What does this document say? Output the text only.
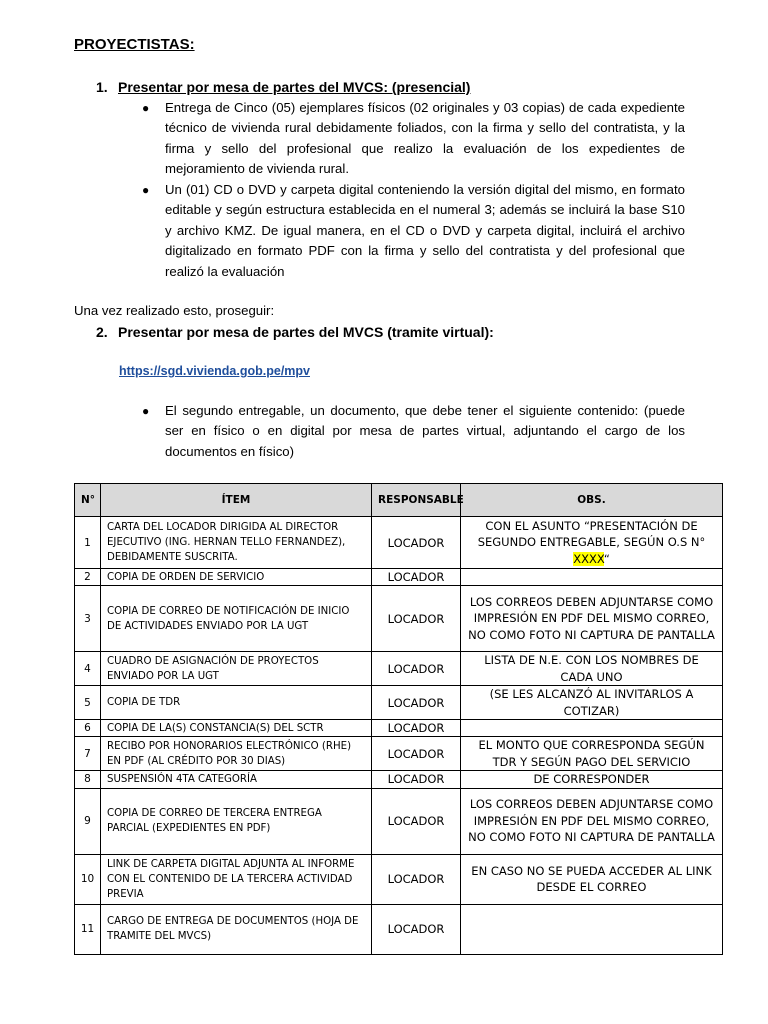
PROYECTISTAS:
1. Presentar por mesa de partes del MVCS: (presencial)
● Entrega de Cinco (05) ejemplares físicos (02 originales y 03 copias) de cada expediente técnico de vivienda rural debidamente foliados, con la firma y sello del contratista, y la firma y sello del profesional que realizo la evaluación de los expedientes de mejoramiento de vivienda rural.
● Un (01) CD o DVD y carpeta digital conteniendo la versión digital del mismo, en formato editable y según estructura establecida en el numeral 3; además se incluirá la base S10 y archivo KMZ. De igual manera, en el CD o DVD y carpeta digital, incluirá el archivo digitalizado en formato PDF con la firma y sello del contratista y del profesional que realizó la evaluación
Una vez realizado esto, proseguir:
2. Presentar por mesa de partes del MVCS (tramite virtual):
https://sgd.vivienda.gob.pe/mpv
● El segundo entregable, un documento, que debe tener el siguiente contenido: (puede ser en físico o en digital por mesa de partes virtual, adjuntando el cargo de los documentos en físico)
N°	ÍTEM	RESPONSABLE	OBS.
1	CARTA DEL LOCADOR DIRIGIDA AL DIRECTOR EJECUTIVO (ING. HERNAN TELLO FERNANDEZ), DEBIDAMENTE SUSCRITA.	LOCADOR	CON EL ASUNTO “PRESENTACIÓN DE SEGUNDO ENTREGABLE, SEGÚN O.S N° XXXX“
2	COPIA DE ORDEN DE SERVICIO	LOCADOR	
3	COPIA DE CORREO DE NOTIFICACIÓN DE INICIO DE ACTIVIDADES ENVIADO POR LA UGT	LOCADOR	LOS CORREOS DEBEN ADJUNTARSE COMO IMPRESIÓN EN PDF DEL MISMO CORREO, NO COMO FOTO NI CAPTURA DE PANTALLA
4	CUADRO DE ASIGNACIÓN DE PROYECTOS ENVIADO POR LA UGT	LOCADOR	LISTA DE N.E. CON LOS NOMBRES DE CADA UNO
5	COPIA DE TDR	LOCADOR	(SE LES ALCANZÓ AL INVITARLOS A COTIZAR)
6	COPIA DE LA(S) CONSTANCIA(S) DEL SCTR	LOCADOR	
7	RECIBO POR HONORARIOS ELECTRÓNICO (RHE) EN PDF (AL CRÉDITO POR 30 DIAS)	LOCADOR	EL MONTO QUE CORRESPONDA SEGÚN TDR Y SEGÚN PAGO DEL SERVICIO
8	SUSPENSIÓN 4TA CATEGORÍA	LOCADOR	DE CORRESPONDER
9	COPIA DE CORREO DE TERCERA ENTREGA PARCIAL (EXPEDIENTES EN PDF)	LOCADOR	LOS CORREOS DEBEN ADJUNTARSE COMO IMPRESIÓN EN PDF DEL MISMO CORREO, NO COMO FOTO NI CAPTURA DE PANTALLA
10	LINK DE CARPETA DIGITAL ADJUNTA AL INFORME CON EL CONTENIDO DE LA TERCERA ACTIVIDAD PREVIA	LOCADOR	EN CASO NO SE PUEDA ACCEDER AL LINK DESDE EL CORREO
11	CARGO DE ENTREGA DE DOCUMENTOS (HOJA DE TRAMITE DEL MVCS)	LOCADOR	
